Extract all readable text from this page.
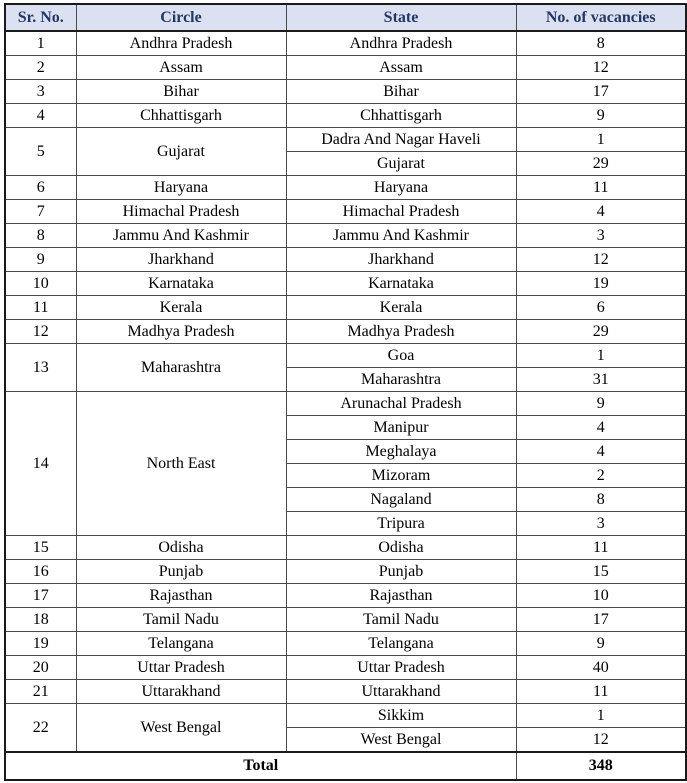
Sr. No.	Circle	State	No. of vacancies
1	Andhra Pradesh	Andhra Pradesh	8
2	Assam	Assam	12
3	Bihar	Bihar	17
4	Chhattisgarh	Chhattisgarh	9
5	Gujarat	Dadra And Nagar Haveli	1
		Gujarat	29
6	Haryana	Haryana	11
7	Himachal Pradesh	Himachal Pradesh	4
8	Jammu And Kashmir	Jammu And Kashmir	3
9	Jharkhand	Jharkhand	12
10	Karnataka	Karnataka	19
11	Kerala	Kerala	6
12	Madhya Pradesh	Madhya Pradesh	29
13	Maharashtra	Goa	1
		Maharashtra	31
14	North East	Arunachal Pradesh	9
		Manipur	4
		Meghalaya	4
		Mizoram	2
		Nagaland	8
		Tripura	3
15	Odisha	Odisha	11
16	Punjab	Punjab	15
17	Rajasthan	Rajasthan	10
18	Tamil Nadu	Tamil Nadu	17
19	Telangana	Telangana	9
20	Uttar Pradesh	Uttar Pradesh	40
21	Uttarakhand	Uttarakhand	11
22	West Bengal	Sikkim	1
		West Bengal	12
Total			348
